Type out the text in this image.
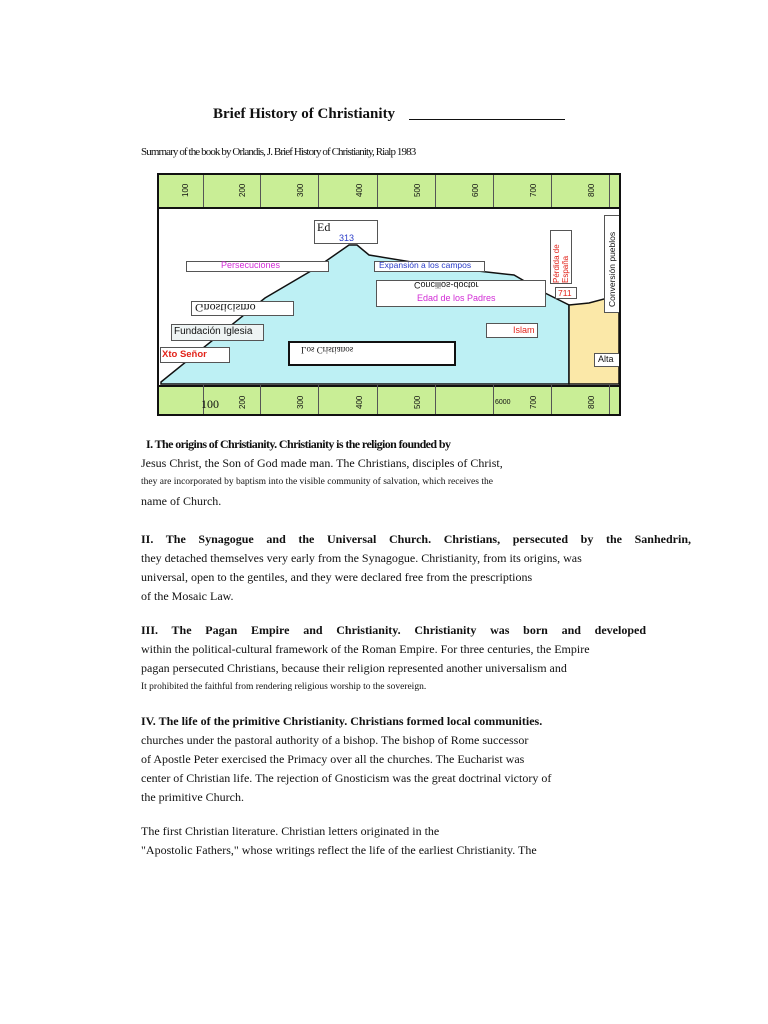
Brief History of Christianity
Summary of the book by Orlandis, J. Brief History of Christianity, Rialp 1983
Ed
313
Persecuciones	Expansión a los campos
Concilios-doctor
Edad de los Padres
Gnosticismo
Islam
Fundación Iglesia
Xto Señor	Los Cristianos
Pérdida de España
711	Conversión pueblos
Alta
100	200	300	400	500	600	700	800
100 200	300	400	500	6000 700	800
I. The origins of Christianity. Christianity is the religion founded by
Jesus Christ, the Son of God made man. The Christians, disciples of Christ,
they are incorporated by baptism into the visible community of salvation, which receives the
name of Church.
II. The Synagogue and the Universal Church. Christians, persecuted by the Sanhedrin,
they detached themselves very early from the Synagogue. Christianity, from its origins, was
universal, open to the gentiles, and they were declared free from the prescriptions
of the Mosaic Law.
III. The Pagan Empire and Christianity. Christianity was born and developed
within the political-cultural framework of the Roman Empire. For three centuries, the Empire
pagan persecuted Christians, because their religion represented another universalism and
It prohibited the faithful from rendering religious worship to the sovereign.
IV. The life of the primitive Christianity. Christians formed local communities.
churches under the pastoral authority of a bishop. The bishop of Rome successor
of Apostle Peter exercised the Primacy over all the churches. The Eucharist was
center of Christian life. The rejection of Gnosticism was the great doctrinal victory of
the primitive Church.
The first Christian literature. Christian letters originated in the
"Apostolic Fathers," whose writings reflect the life of the earliest Christianity. The
